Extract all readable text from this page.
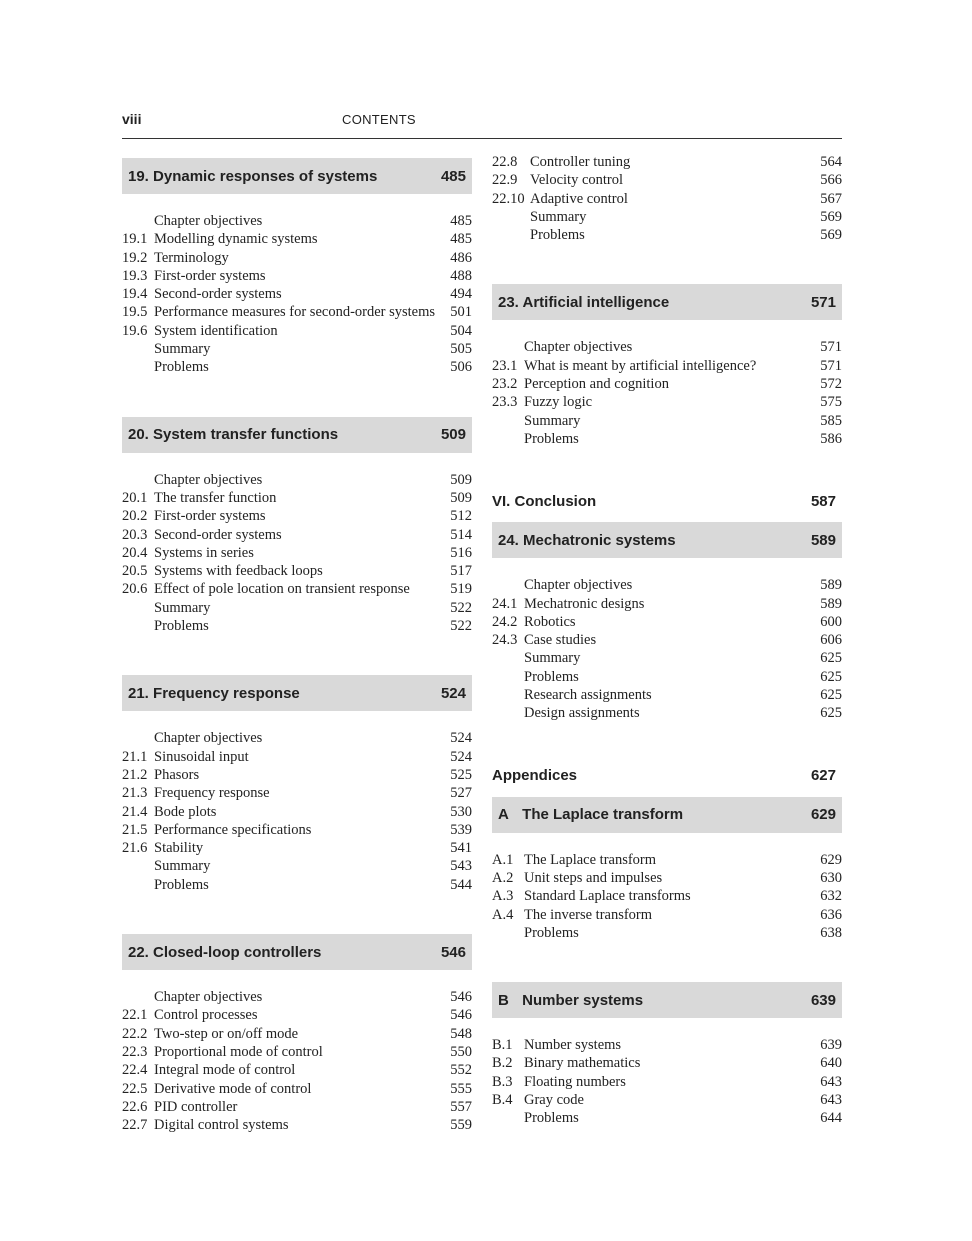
viii	CONTENTS
19. Dynamic responses of systems	485
Chapter objectives	485
19.1 Modelling dynamic systems	485
19.2 Terminology	486
19.3 First-order systems	488
19.4 Second-order systems	494
19.5 Performance measures for second-order systems	501
19.6 System identification	504
Summary	505
Problems	506
20. System transfer functions	509
Chapter objectives	509
20.1 The transfer function	509
20.2 First-order systems	512
20.3 Second-order systems	514
20.4 Systems in series	516
20.5 Systems with feedback loops	517
20.6 Effect of pole location on transient response	519
Summary	522
Problems	522
21. Frequency response	524
Chapter objectives	524
21.1 Sinusoidal input	524
21.2 Phasors	525
21.3 Frequency response	527
21.4 Bode plots	530
21.5 Performance specifications	539
21.6 Stability	541
Summary	543
Problems	544
22. Closed-loop controllers	546
Chapter objectives	546
22.1 Control processes	546
22.2 Two-step or on/off mode	548
22.3 Proportional mode of control	550
22.4 Integral mode of control	552
22.5 Derivative mode of control	555
22.6 PID controller	557
22.7 Digital control systems	559
22.8 Controller tuning	564
22.9 Velocity control	566
22.10 Adaptive control	567
Summary	569
Problems	569
23. Artificial intelligence	571
Chapter objectives	571
23.1 What is meant by artificial intelligence?	571
23.2 Perception and cognition	572
23.3 Fuzzy logic	575
Summary	585
Problems	586
VI. Conclusion	587
24. Mechatronic systems	589
Chapter objectives	589
24.1 Mechatronic designs	589
24.2 Robotics	600
24.3 Case studies	606
Summary	625
Problems	625
Research assignments	625
Design assignments	625
Appendices	627
A The Laplace transform	629
A.1 The Laplace transform	629
A.2 Unit steps and impulses	630
A.3 Standard Laplace transforms	632
A.4 The inverse transform	636
Problems	638
B Number systems	639
B.1 Number systems	639
B.2 Binary mathematics	640
B.3 Floating numbers	643
B.4 Gray code	643
Problems	644
